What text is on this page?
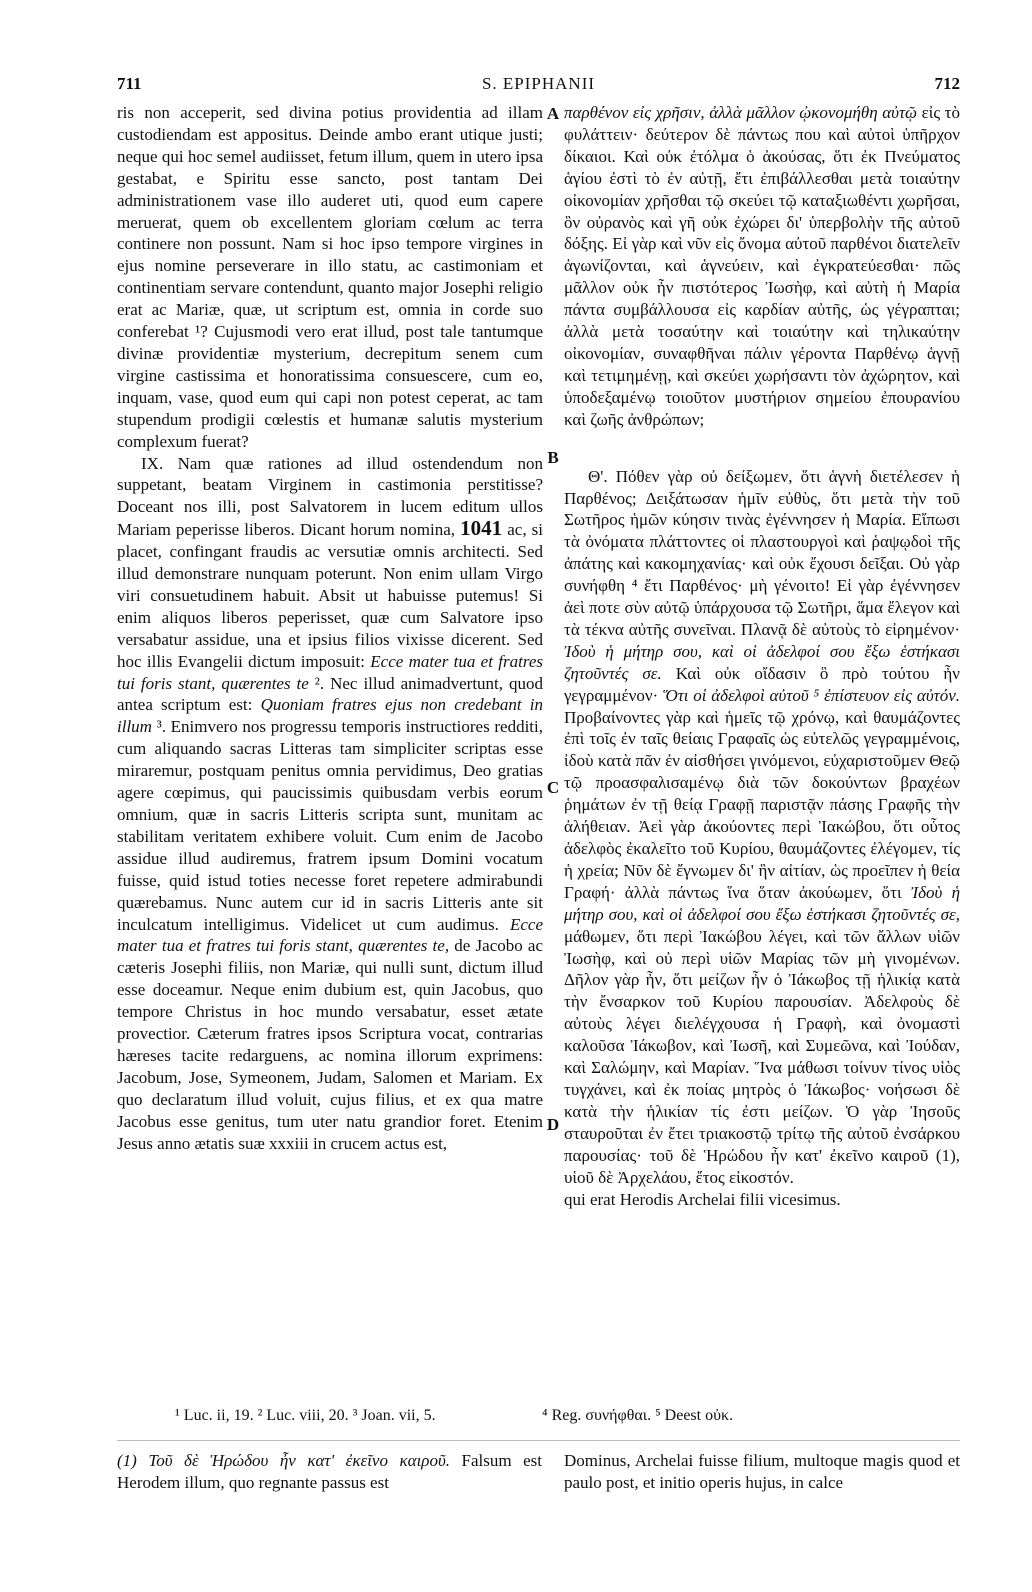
711	S. EPIPHANII	712

ris non acceperit, sed divina potius providentia ad illam custodiendam est appositus. Deinde ambo erant utique justi; neque qui hoc semel audiisset, fetum illum, quem in utero ipsa gestabat, e Spiritu esse sancto, post tantam Dei administrationem vase illo auderet uti, quod eum capere meruerat, quem ob excellentem gloriam cœlum ac terra continere non possunt. Nam si hoc ipso tempore virgines in ejus nomine perseverare in illo statu, ac castimoniam et continentiam servare contendunt, quanto major Josephi religio erat ac Mariæ, quæ, ut scriptum est, omnia in corde suo conferebat ¹? Cujusmodi vero erat illud, post tale tantumque divinæ providentiæ mysterium, decrepitum senem cum virgine castissima et honoratissima consuescere, cum eo, inquam, vase, quod eum qui capi non potest ceperat, ac tam stupendum prodigii cœlestis et humanæ salutis mysterium complexum fuerat?

IX. Nam quæ rationes ad illud ostendendum non suppetant, beatam Virginem in castimonia perstitisse? Doceant nos illi, post Salvatorem in lucem editum ullos Mariam peperisse liberos. Dicant horum nomina, 1041 ac, si placet, confingant fraudis ac versutiæ omnis architecti. Sed illud demonstrare nunquam poterunt. Non enim ullam Virgo viri consuetudinem habuit. Absit ut habuisse putemus! Si enim aliquos liberos peperisset, quæ cum Salvatore ipso versabatur assidue, una et ipsius filios vixisse dicerent. Sed hoc illis Evangelii dictum imposuit: Ecce mater tua et fratres tui foris stant, quærentes te ². Nec illud animadvertunt, quod antea scriptum est: Quoniam fratres ejus non credebant in illum ³. Enimvero nos progressu temporis instructiores redditi, cum aliquando sacras Litteras tam simpliciter scriptas esse miraremur, postquam penitus omnia pervidimus, Deo gratias agere cœpimus, qui paucissimis quibusdam verbis eorum omnium, quæ in sacris Litteris scripta sunt, munitam ac stabilitam veritatem exhibere voluit. Cum enim de Jacobo assidue illud audiremus, fratrem ipsum Domini vocatum fuisse, quid istud toties necesse foret repetere admirabundi quærebamus. Nunc autem cur id in sacris Litteris ante sit inculcatum intelligimus. Videlicet ut cum audimus. Ecce mater tua et fratres tui foris stant, quærentes te, de Jacobo ac cæteris Josephi filiis, non Mariæ, qui nulli sunt, dictum illud esse doceamur. Neque enim dubium est, quin Jacobus, quo tempore Christus in hoc mundo versabatur, esset ætate provectior. Cæterum fratres ipsos Scriptura vocat, contrarias hæreses tacite redarguens, ac nomina illorum exprimens: Jacobum, Jose, Symeonem, Judam, Salomen et Mariam. Ex quo declaratum illud voluit, cujus filius, et ex qua matre Jacobus esse genitus, tum uter natu grandior foret. Etenim Jesus anno ætatis suæ xxxiii in crucem actus est,

παρθένον εἰς χρῆσιν, ἀλλὰ μᾶλλον ᾠκονομήθη αὐτῷ εἰς τὸ φυλάττειν· δεύτερον δὲ πάντως που καὶ αὐτοὶ ὑπῆρχον δίκαιοι. Καὶ οὐκ ἐτόλμα ὁ ἀκούσας, ὅτι ἐκ Πνεύματος ἁγίου ἐστὶ τὸ ἐν αὐτῇ, ἔτι ἐπιβάλλεσθαι μετὰ τοιαύτην οἰκονομίαν χρῆσθαι τῷ σκεύει τῷ καταξιωθέντι χωρῆσαι, ὃν οὐρανὸς καὶ γῆ οὐκ ἐχώρει δι' ὑπερβολὴν τῆς αὐτοῦ δόξης. Εἰ γὰρ καὶ νῦν εἰς ὄνομα αὐτοῦ παρθένοι διατελεῖν ἀγωνίζονται, καὶ ἁγνεύειν, καὶ ἐγκρατεύεσθαι· πῶς μᾶλλον οὐκ ἦν πιστότερος Ἰωσὴφ, καὶ αὐτὴ ἡ Μαρία πάντα συμβάλλουσα εἰς καρδίαν αὐτῆς, ὡς γέγραπται; ἀλλὰ μετὰ τοσαύτην καὶ τοιαύτην καὶ τηλικαύτην οἰκονομίαν, συναφθῆναι πάλιν γέροντα Παρθένῳ ἁγνῇ καὶ τετιμημένῃ, καὶ σκεύει χωρήσαντι τὸν ἀχώρητον, καὶ ὑποδεξαμένῳ τοιοῦτον μυστήριον σημείου ἐπουρανίου καὶ ζωῆς ἀνθρώπων;

Θ'. Πόθεν γὰρ οὐ δείξωμεν, ὅτι ἁγνὴ διετέλεσεν ἡ Παρθένος; Δειξάτωσαν ἡμῖν εὐθὺς, ὅτι μετὰ τὴν τοῦ Σωτῆρος ἡμῶν κύησιν τινὰς ἐγέννησεν ἡ Μαρία. Εἴπωσι τὰ ὀνόματα πλάττοντες οἱ πλαστουργοὶ καὶ ῥαψῳδοὶ τῆς ἀπάτης καὶ κακομηχανίας· καὶ οὐκ ἔχουσι δεῖξαι. Οὐ γὰρ συνήφθη ⁴ ἔτι Παρθένος· μὴ γένοιτο! Εἰ γὰρ ἐγέννησεν ἀεὶ ποτε σὺν αὐτῷ ὑπάρχουσα τῷ Σωτῆρι, ἅμα ἔλεγον καὶ τὰ τέκνα αὐτῆς συνεῖναι. Πλανᾷ δὲ αὐτοὺς τὸ εἰρημένον· Ἰδοὺ ἡ μήτηρ σου, καὶ οἱ ἀδελφοί σου ἔξω ἑστήκασι ζητοῦντές σε. Καὶ οὐκ οἴδασιν ὃ πρὸ τούτου ἦν γεγραμμένον· Ὅτι οἱ ἀδελφοὶ αὐτοῦ ⁵ ἐπίστευον εἰς αὐτόν. Προβαίνοντες γὰρ καὶ ἡμεῖς τῷ χρόνῳ, καὶ θαυμάζοντες ἐπὶ τοῖς ἐν ταῖς θείαις Γραφαῖς ὡς εὐτελῶς γεγραμμένοις, ἰδοὺ κατὰ πᾶν ἐν αἰσθήσει γινόμενοι, εὐχαριστοῦμεν Θεῷ τῷ προασφαλισαμένῳ διὰ τῶν δοκούντων βραχέων ῥημάτων ἐν τῇ θείᾳ Γραφῇ παριστᾷν πάσης Γραφῆς τὴν ἀλήθειαν. Ἀεὶ γὰρ ἀκούοντες περὶ Ἰακώβου, ὅτι οὗτος ἀδελφὸς ἐκαλεῖτο τοῦ Κυρίου, θαυμάζοντες ἐλέγομεν, τίς ἡ χρεία; Νῦν δὲ ἔγνωμεν δι' ἣν αἰτίαν, ὡς προεῖπεν ἡ θεία Γραφή· ἀλλὰ πάντως ἵνα ὅταν ἀκούωμεν, ὅτι Ἰδοὺ ἡ μήτηρ σου, καὶ οἱ ἀδελφοί σου ἔξω ἑστήκασι ζητοῦντές σε, μάθωμεν, ὅτι περὶ Ἰακώβου λέγει, καὶ τῶν ἄλλων υἱῶν Ἰωσὴφ, καὶ οὐ περὶ υἱῶν Μαρίας τῶν μὴ γινομένων. Δῆλον γὰρ ἦν, ὅτι μείζων ἦν ὁ Ἰάκωβος τῇ ἡλικίᾳ κατὰ τὴν ἔνσαρκον τοῦ Κυρίου παρουσίαν. Ἀδελφοὺς δὲ αὐτοὺς λέγει διελέγχουσα ἡ Γραφὴ, καὶ ὀνομαστὶ καλοῦσα Ἰάκωβον, καὶ Ἰωσῆ, καὶ Συμεῶνα, καὶ Ἰούδαν, καὶ Σαλώμην, καὶ Μαρίαν. Ἵνα μάθωσι τοίνυν τίνος υἱὸς τυγχάνει, καὶ ἐκ ποίας μητρὸς ὁ Ἰάκωβος· νοήσωσι δὲ κατὰ τὴν ἡλικίαν τίς ἐστι μείζων. Ὁ γὰρ Ἰησοῦς σταυροῦται ἐν ἔτει τριακοστῷ τρίτῳ τῆς αὐτοῦ ἐνσάρκου παρουσίας· τοῦ δὲ Ἡρώδου ἦν κατ' ἐκεῖνο καιροῦ (1), υἱοῦ δὲ Ἀρχελάου, ἔτος εἰκοστόν.

qui erat Herodis Archelai filii vicesimus.

A
B
C
D
¹ Luc. ii, 19. ² Luc. viii, 20. ³ Joan. vii, 5.	⁴ Reg. συνήφθαι. ⁵ Deest οὐκ.
(1) Τοῦ δὲ Ἡρώδου ἦν κατ' ἐκεῖνο καιροῦ. Falsum est Herodem illum, quo regnante passus est
Dominus, Archelai fuisse filium, multoque magis quod et paulo post, et initio operis hujus, in calce
